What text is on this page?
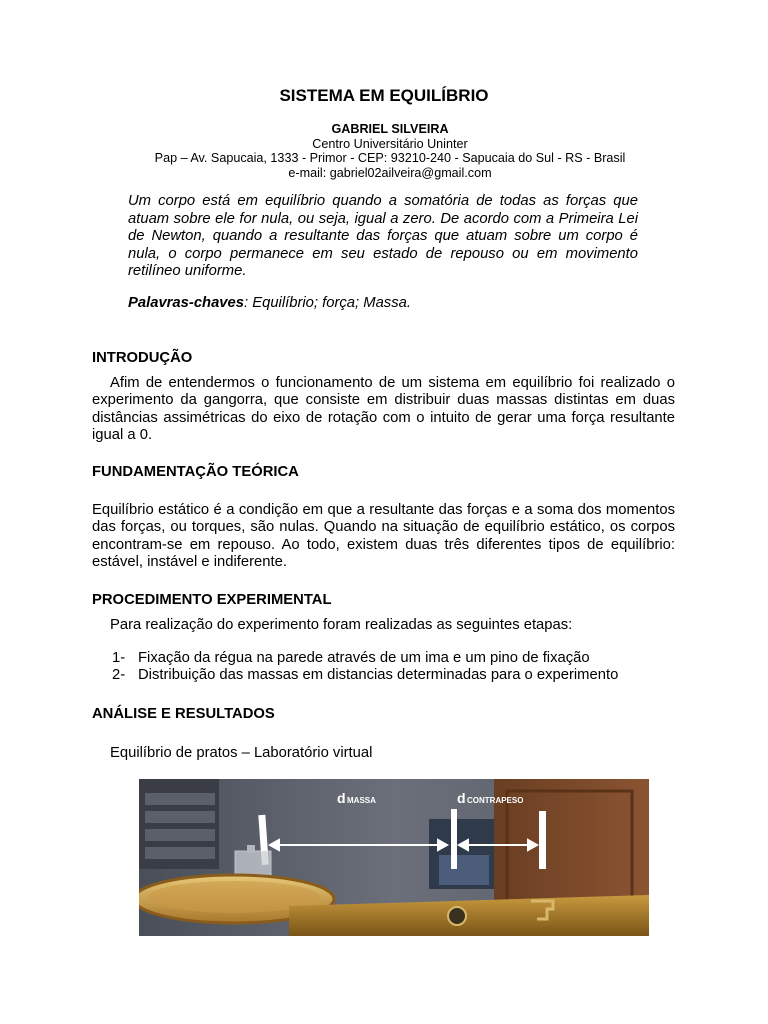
SISTEMA EM EQUILÍBRIO
GABRIEL SILVEIRA
Centro Universitário Uninter
Pap – Av. Sapucaia, 1333 - Primor - CEP: 93210-240 - Sapucaia do Sul - RS - Brasil
e-mail: gabriel02ailveira@gmail.com
Um corpo está em equilíbrio quando a somatória de todas as forças que atuam sobre ele for nula, ou seja, igual a zero. De acordo com a Primeira Lei de Newton, quando a resultante das forças que atuam sobre um corpo é nula, o corpo permanece em seu estado de repouso ou em movimento retilíneo uniforme.
Palavras-chaves: Equilíbrio; força; Massa.
INTRODUÇÃO
Afim de entendermos o funcionamento de um sistema em equilíbrio foi realizado o experimento da gangorra, que consiste em distribuir duas massas distintas em duas distâncias assimétricas do eixo de rotação com o intuito de gerar uma força resultante igual a 0.
FUNDAMENTAÇÃO TEÓRICA
Equilíbrio estático é a condição em que a resultante das forças e a soma dos momentos das forças, ou torques, são nulas. Quando na situação de equilíbrio estático, os corpos encontram-se em repouso. Ao todo, existem duas três diferentes tipos de equilíbrio: estável, instável e indiferente.
PROCEDIMENTO EXPERIMENTAL
Para realização do experimento foram realizadas as seguintes etapas:
1- Fixação da régua na parede através de um ima e um pino de fixação
2- Distribuição das massas em distancias determinadas para o experimento
ANÁLISE E RESULTADOS
Equilíbrio de pratos – Laboratório virtual
d MASSA	d CONTRAPESO
